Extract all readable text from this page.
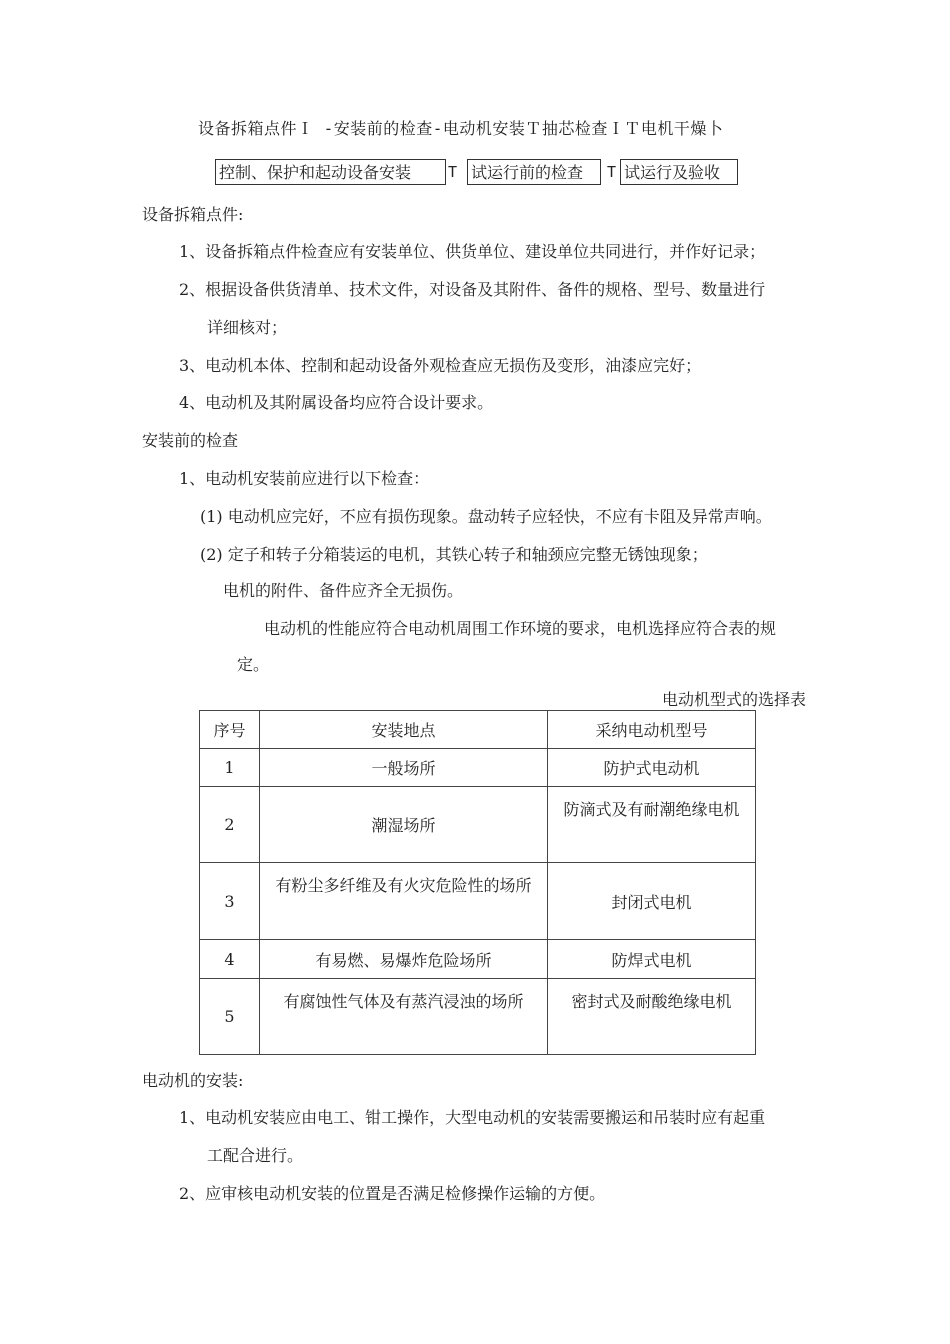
设备拆箱点件Ｉ -安装前的检查-电动机安装Ｔ抽芯检查ＩＴ电机干燥卜
控制、保护和起动设备安装	T 试运行前的检查	T 试运行及验收
设备拆箱点件:
1、设备拆箱点件检查应有安装单位、供货单位、建设单位共同进行，并作好记录；
2、根据设备供货清单、技术文件，对设备及其附件、备件的规格、型号、数量进行
详细核对；
3、电动机本体、控制和起动设备外观检查应无损伤及变形，油漆应完好；
4、电动机及其附属设备均应符合设计要求。
安装前的检查
1、电动机安装前应进行以下检查：
(1) 电动机应完好，不应有损伤现象。盘动转子应轻快，不应有卡阻及异常声响。
(2) 定子和转子分箱装运的电机，其铁心转子和轴颈应完整无锈蚀现象；
电机的附件、备件应齐全无损伤。
电动机的性能应符合电动机周围工作环境的要求，电机选择应符合表的规
定。
电动机型式的选择表
序号	安装地点	采纳电动机型号
1	一般场所	防护式电动机
2	潮湿场所	防滴式及有耐潮绝缘电机
3	有粉尘多纤维及有火灾危险性的场所	封闭式电机
4	有易燃、易爆炸危险场所	防焊式电机
5	有腐蚀性气体及有蒸汽浸浊的场所	密封式及耐酸绝缘电机
电动机的安装:
1、电动机安装应由电工、钳工操作，大型电动机的安装需要搬运和吊装时应有起重
工配合进行。
2、应审核电动机安装的位置是否满足检修操作运输的方便。
